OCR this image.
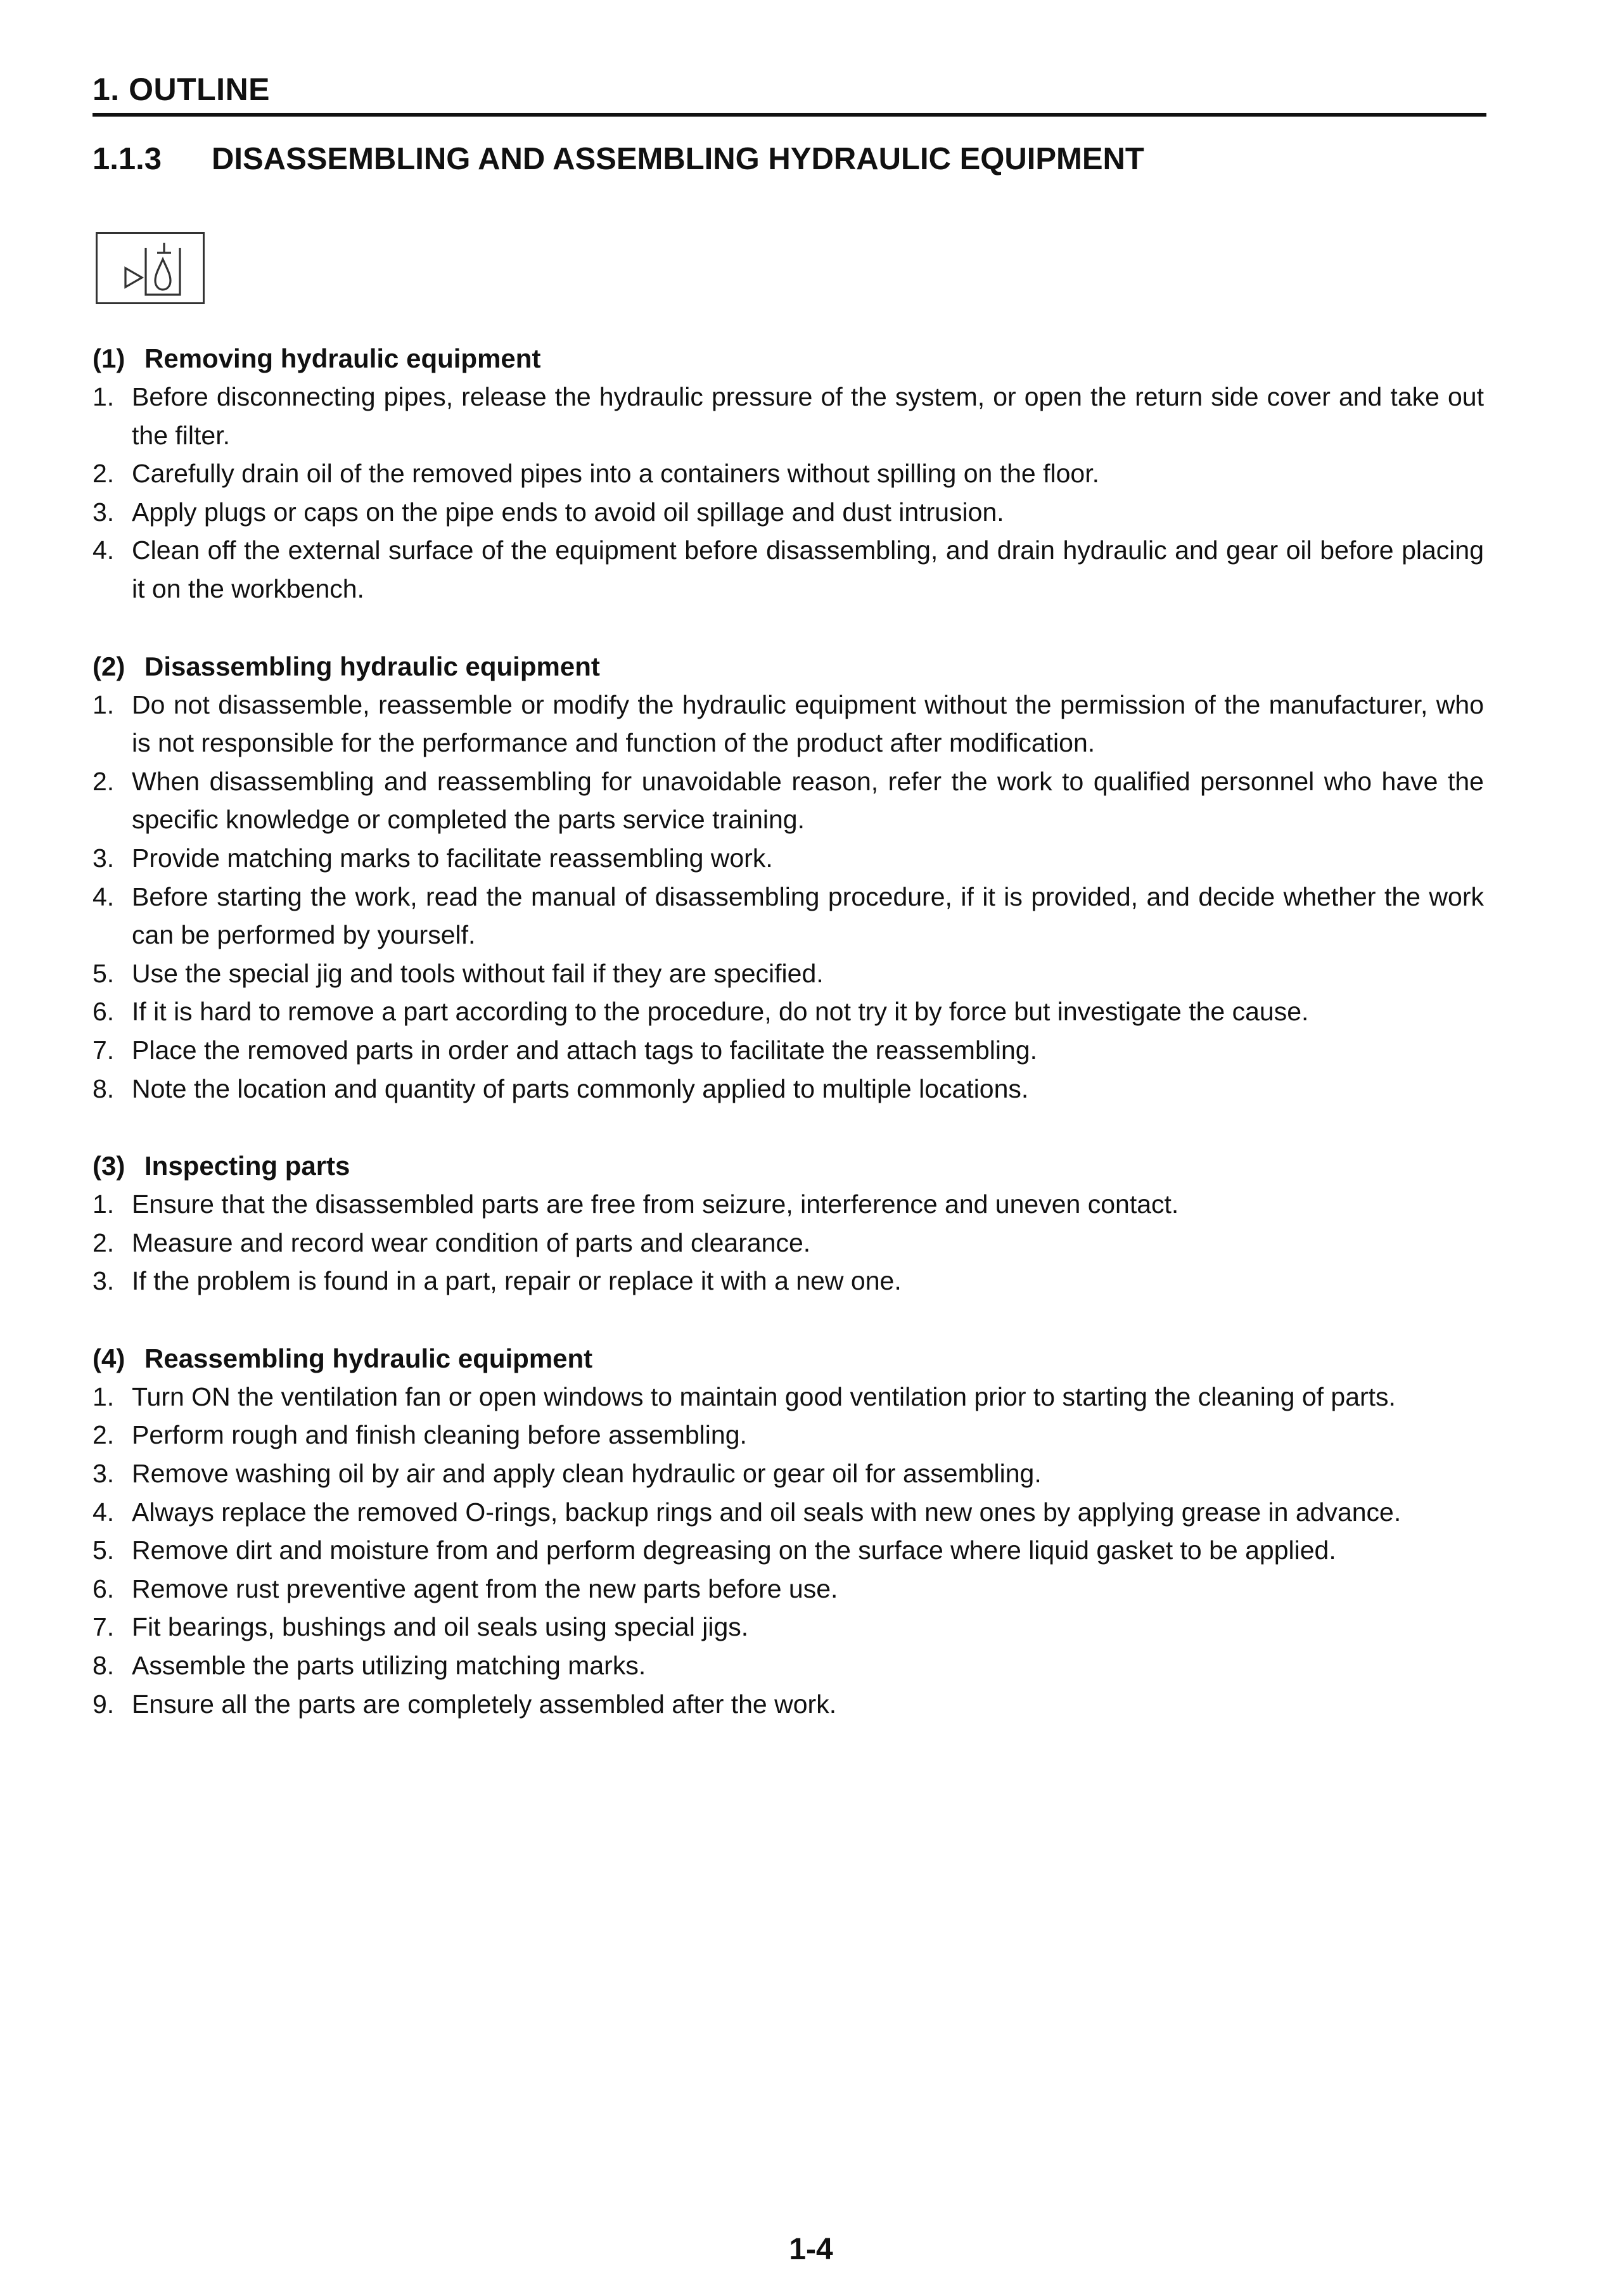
1. OUTLINE
1.1.3 DISASSEMBLING AND ASSEMBLING HYDRAULIC EQUIPMENT
(1) Removing hydraulic equipment
1. Before disconnecting pipes, release the hydraulic pressure of the system, or open the return side cover and take out the filter.
2. Carefully drain oil of the removed pipes into a containers without spilling on the floor.
3. Apply plugs or caps on the pipe ends to avoid oil spillage and dust intrusion.
4. Clean off the external surface of the equipment before disassembling, and drain hydraulic and gear oil before placing it on the workbench.
(2) Disassembling hydraulic equipment
1. Do not disassemble, reassemble or modify the hydraulic equipment without the permission of the manufacturer, who is not responsible for the performance and function of the product after modification.
2. When disassembling and reassembling for unavoidable reason, refer the work to qualified personnel who have the specific knowledge or completed the parts service training.
3. Provide matching marks to facilitate reassembling work.
4. Before starting the work, read the manual of disassembling procedure, if it is provided, and decide whether the work can be performed by yourself.
5. Use the special jig and tools without fail if they are specified.
6. If it is hard to remove a part according to the procedure, do not try it by force but investigate the cause.
7. Place the removed parts in order and attach tags to facilitate the reassembling.
8. Note the location and quantity of parts commonly applied to multiple locations.
(3) Inspecting parts
1. Ensure that the disassembled parts are free from seizure, interference and uneven contact.
2. Measure and record wear condition of parts and clearance.
3. If the problem is found in a part, repair or replace it with a new one.
(4) Reassembling hydraulic equipment
1. Turn ON the ventilation fan or open windows to maintain good ventilation prior to starting the cleaning of parts.
2. Perform rough and finish cleaning before assembling.
3. Remove washing oil by air and apply clean hydraulic or gear oil for assembling.
4. Always replace the removed O-rings, backup rings and oil seals with new ones by applying grease in advance.
5. Remove dirt and moisture from and perform degreasing on the surface where liquid gasket to be applied.
6. Remove rust preventive agent from the new parts before use.
7. Fit bearings, bushings and oil seals using special jigs.
8. Assemble the parts utilizing matching marks.
9. Ensure all the parts are completely assembled after the work.
1-4
